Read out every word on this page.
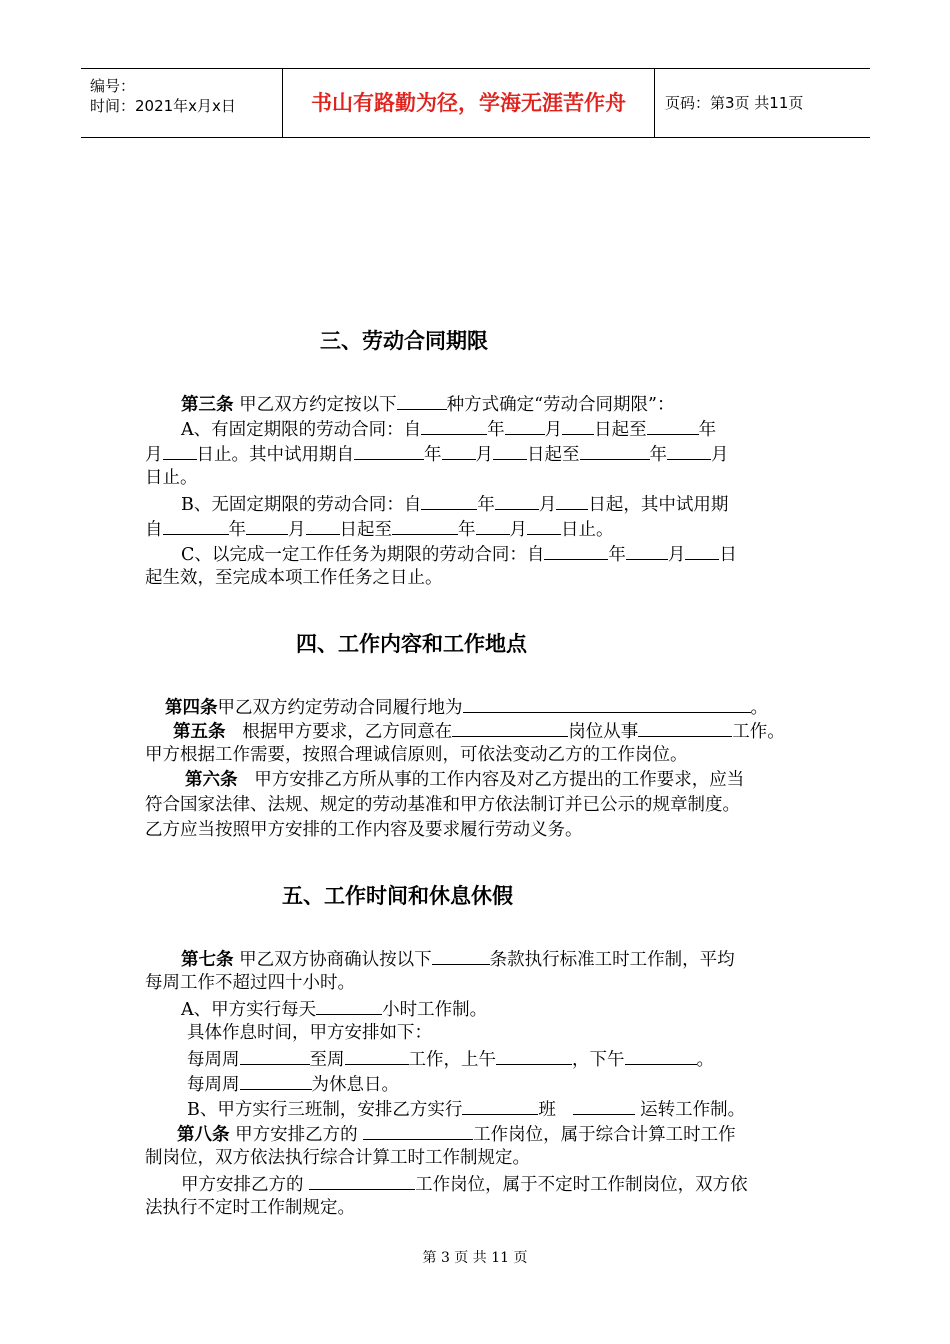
编号：
时间：2021年x月x日	书山有路勤为径，学海无涯苦作舟	页码：第3页 共11页
三、劳动合同期限
第三条 甲乙双方约定按以下	种方式确定“劳动合同期限”：
A、有固定期限的劳动合同：自	年 月 日起至	年
月 日止。其中试用期自	年 月 日起至	年	月
日止。
B、无固定期限的劳动合同：自	年	月 日起，其中试用期
自	年 月 日起至	年 月 日止。
C、以完成一定工作任务为期限的劳动合同：自	年 月 日
起生效，至完成本项工作任务之日止。
四、工作内容和工作地点
第四条甲乙双方约定劳动合同履行地为	。
第五条 根据甲方要求，乙方同意在	岗位从事	工作。
甲方根据工作需要，按照合理诚信原则，可依法变动乙方的工作岗位。
第六条 甲方安排乙方所从事的工作内容及对乙方提出的工作要求，应当
符合国家法律、法规、规定的劳动基准和甲方依法制订并已公示的规章制度。
乙方应当按照甲方安排的工作内容及要求履行劳动义务。
五、工作时间和休息休假
第七条 甲乙双方协商确认按以下	条款执行标准工时工作制，平均
每周工作不超过四十小时。
A、甲方实行每天	小时工作制。
具体作息时间，甲方安排如下：
每周周	至周	工作，上午	，下午	。
每周周	为休息日。
B、甲方实行三班制，安排乙方实行	班	运转工作制。
第八条 甲方安排乙方的	工作岗位，属于综合计算工时工作
制岗位，双方依法执行综合计算工时工作制规定。
甲方安排乙方的	工作岗位，属于不定时工作制岗位，双方依
法执行不定时工作制规定。
第 3 页 共 11 页
